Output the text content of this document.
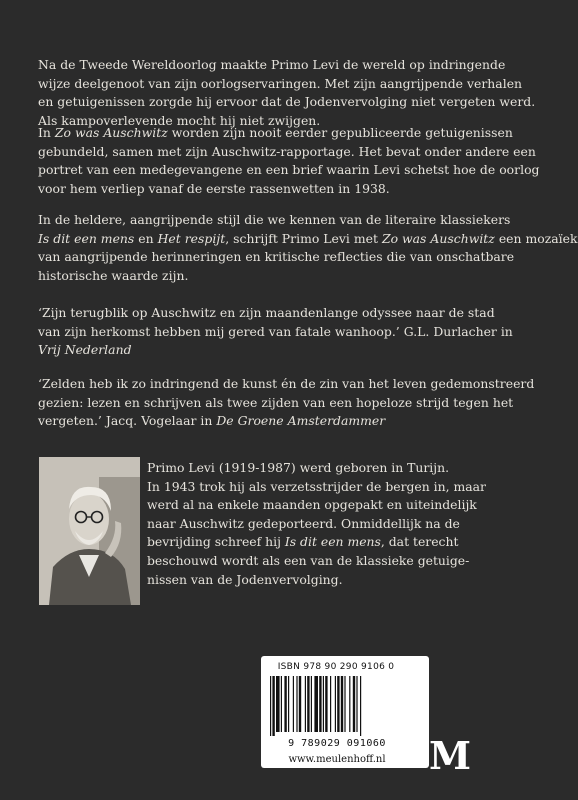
Na de Tweede Wereldoorlog maakte Primo Levi de wereld op indringende
wijze deelgenoot van zijn oorlogservaringen. Met zijn aangrijpende verhalen
en getuigenissen zorgde hij ervoor dat de Jodenvervolging niet vergeten werd.
Als kampoverlevende mocht hij niet zwijgen.
In Zo was Auschwitz worden zijn nooit eerder gepubliceerde getuigenissen
gebundeld, samen met zijn Auschwitz-rapportage. Het bevat onder andere een
portret van een medegevangene en een brief waarin Levi schetst hoe de oorlog
voor hem verliep vanaf de eerste rassenwetten in 1938.
In de heldere, aangrijpende stijl die we kennen van de literaire klassiekers
Is dit een mens en Het respijt, schrijft Primo Levi met Zo was Auschwitz een mozaïek
van aangrijpende herinneringen en kritische reflecties die van onschatbare
historische waarde zijn.
‘Zijn terugblik op Auschwitz en zijn maandenlange odyssee naar de stad
van zijn herkomst hebben mij gered van fatale wanhoop.’ G.L. Durlacher in
Vrij Nederland
‘Zelden heb ik zo indringend de kunst én de zin van het leven gedemonstreerd
gezien: lezen en schrijven als twee zijden van een hopeloze strijd tegen het
vergeten.’ Jacq. Vogelaar in De Groene Amsterdammer
Primo Levi (1919-1987) werd geboren in Turijn.
In 1943 trok hij als verzetsstrijder de bergen in, maar
werd al na enkele maanden opgepakt en uiteindelijk
naar Auschwitz gedeporteerd. Onmiddellijk na de
bevrijding schreef hij Is dit een mens, dat terecht
beschouwd wordt als een van de klassieke getuige-
nissen van de Jodenvervolging.
ISBN 978 90 290 9106 0
9 789029 091060
www.meulenhoff.nl	M
